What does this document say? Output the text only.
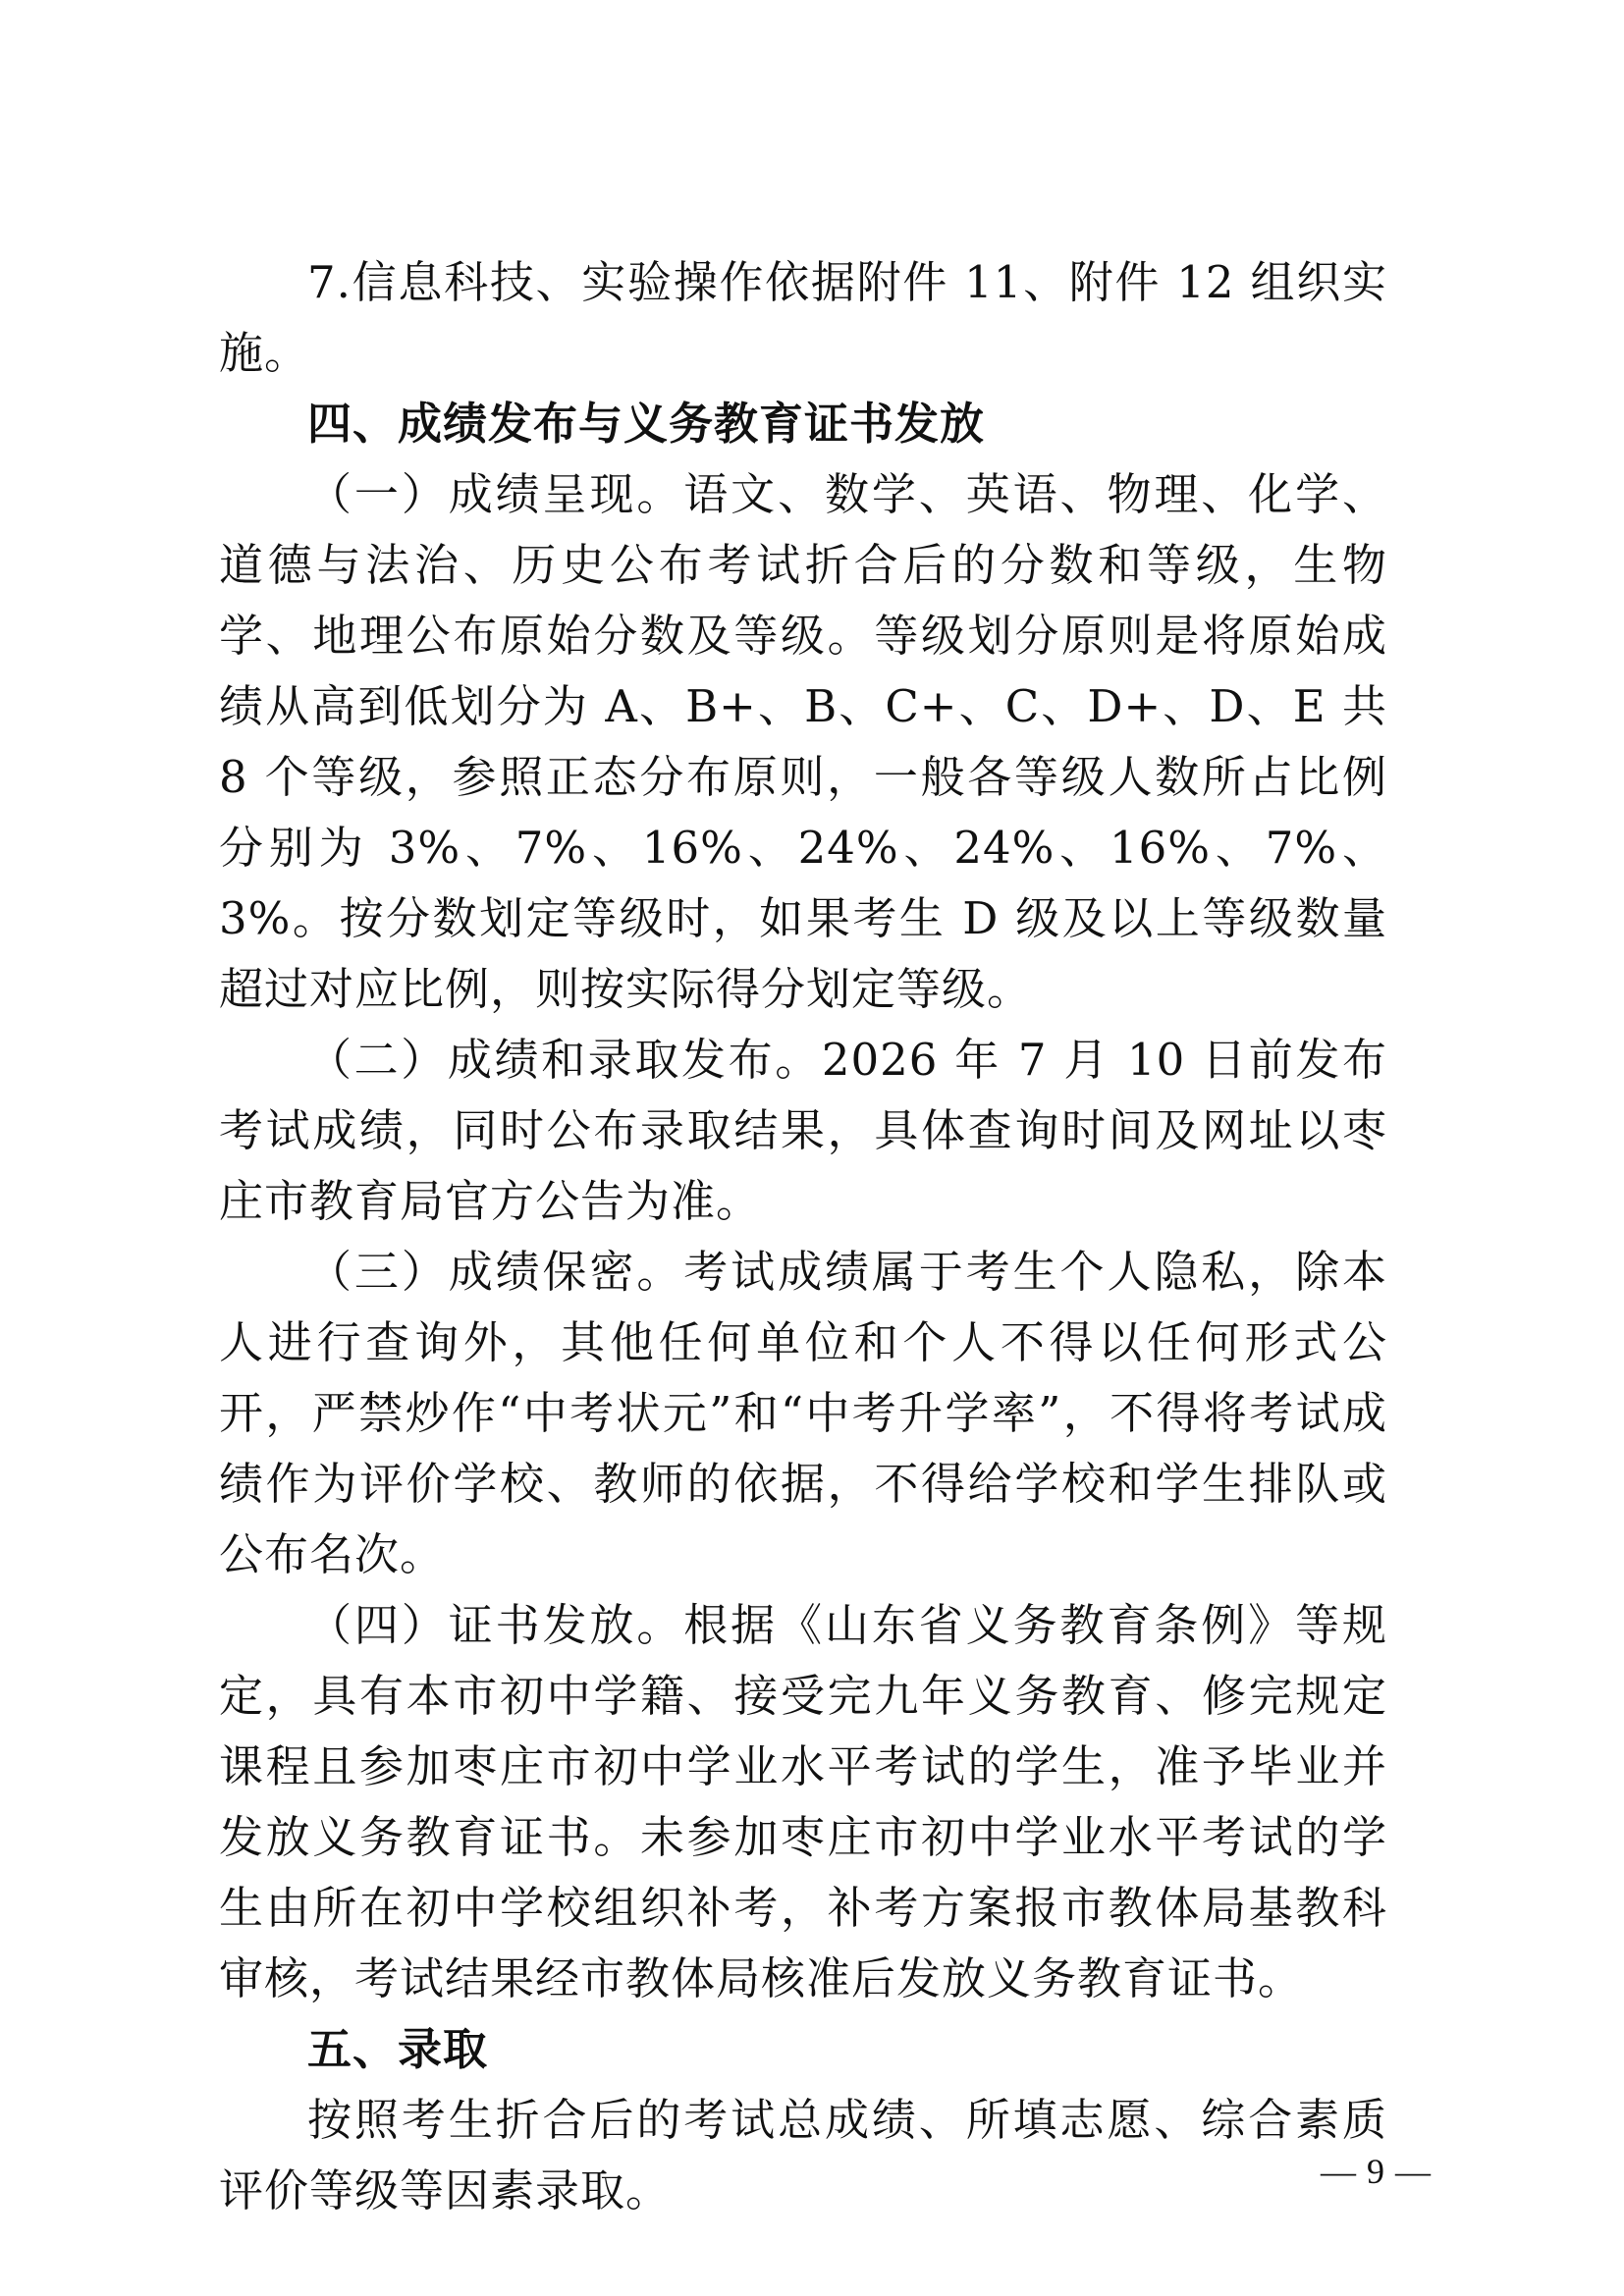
7.信息科技、实验操作依据附件 11、附件 12 组织实施。

四、成绩发布与义务教育证书发放

（一）成绩呈现。语文、数学、英语、物理、化学、道德与法治、历史公布考试折合后的分数和等级，生物学、地理公布原始分数及等级。等级划分原则是将原始成绩从高到低划分为 A、B+、B、C+、C、D+、D、E 共 8 个等级，参照正态分布原则，一般各等级人数所占比例分别为 3%、7%、16%、24%、24%、16%、7%、3%。按分数划定等级时，如果考生 D 级及以上等级数量超过对应比例，则按实际得分划定等级。

（二）成绩和录取发布。2026 年 7 月 10 日前发布考试成绩，同时公布录取结果，具体查询时间及网址以枣庄市教育局官方公告为准。

（三）成绩保密。考试成绩属于考生个人隐私，除本人进行查询外，其他任何单位和个人不得以任何形式公开，严禁炒作“中考状元”和“中考升学率”，不得将考试成绩作为评价学校、教师的依据，不得给学校和学生排队或公布名次。

（四）证书发放。根据《山东省义务教育条例》等规定，具有本市初中学籍、接受完九年义务教育、修完规定课程且参加枣庄市初中学业水平考试的学生，准予毕业并发放义务教育证书。未参加枣庄市初中学业水平考试的学生由所在初中学校组织补考，补考方案报市教体局基教科审核，考试结果经市教体局核准后发放义务教育证书。

五、录取

按照考生折合后的考试总成绩、所填志愿、综合素质评价等级等因素录取。	— 9 —
